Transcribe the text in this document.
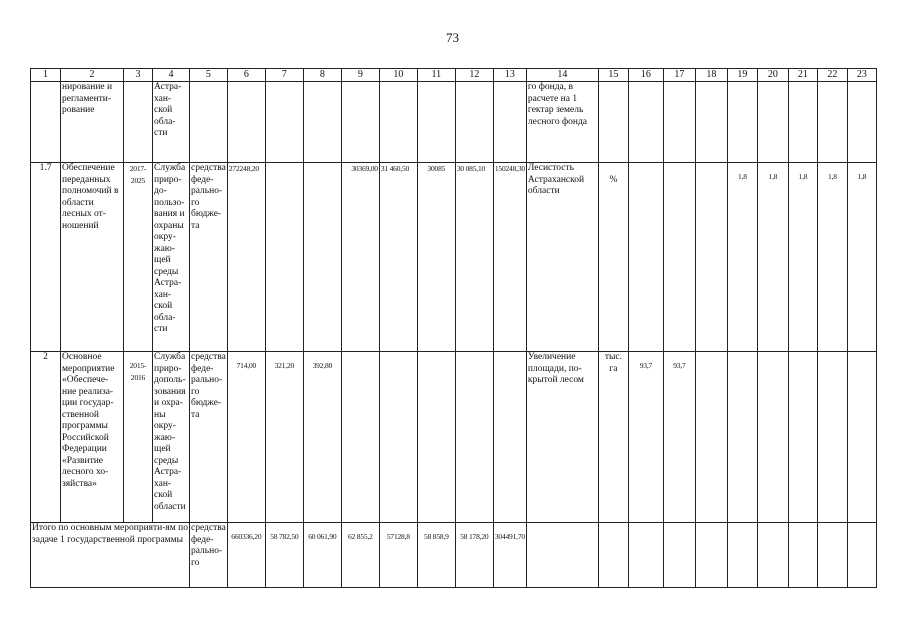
73
1	2	3	4	5	6	7	8	9	10	11	12	13	14	15	16	17	18	19	20	21	22	23
	нирование и регламенти-рование		Астра-хан-ской обла-сти										го фонда, в расчете на 1 гектар земель лесного фонда									
1.7	Обеспечение переданных полномочий в области лесных от-ношений	2017-2025	Служба приро-до-пользо-вания и охраны окру-жаю-щей среды Астра-хан-ской обла-сти	средства феде-рально-го бюдже-та	272248,20			30369,00	31 460,50	30085	30 085,10	150248,30	Лесистость Астраханской области	%				1,8	1,8	1,8	1,8	1,8
2	Основное мероприятие «Обеспече-ние реализа-ции государ-ственной программы Российской Федерации «Развитие лесного хо-зяйства»	2015-2016	Служба приро-дополь-зования и охра-ны окру-жаю-щей среды Астра-хан-ской области	средства феде-рально-го бюдже-та	714,00	321,20	392,80						Увеличение площади, по-крытой лесом	тыс. га	93,7	93,7						
Итого по основным мероприяти-ям по задаче 1 государственной программы				средства феде-рально-го	660336,20	58 782,50	60 061,90	62 855,2	57128,8	58 858,9	58 178,20	304491,70										
